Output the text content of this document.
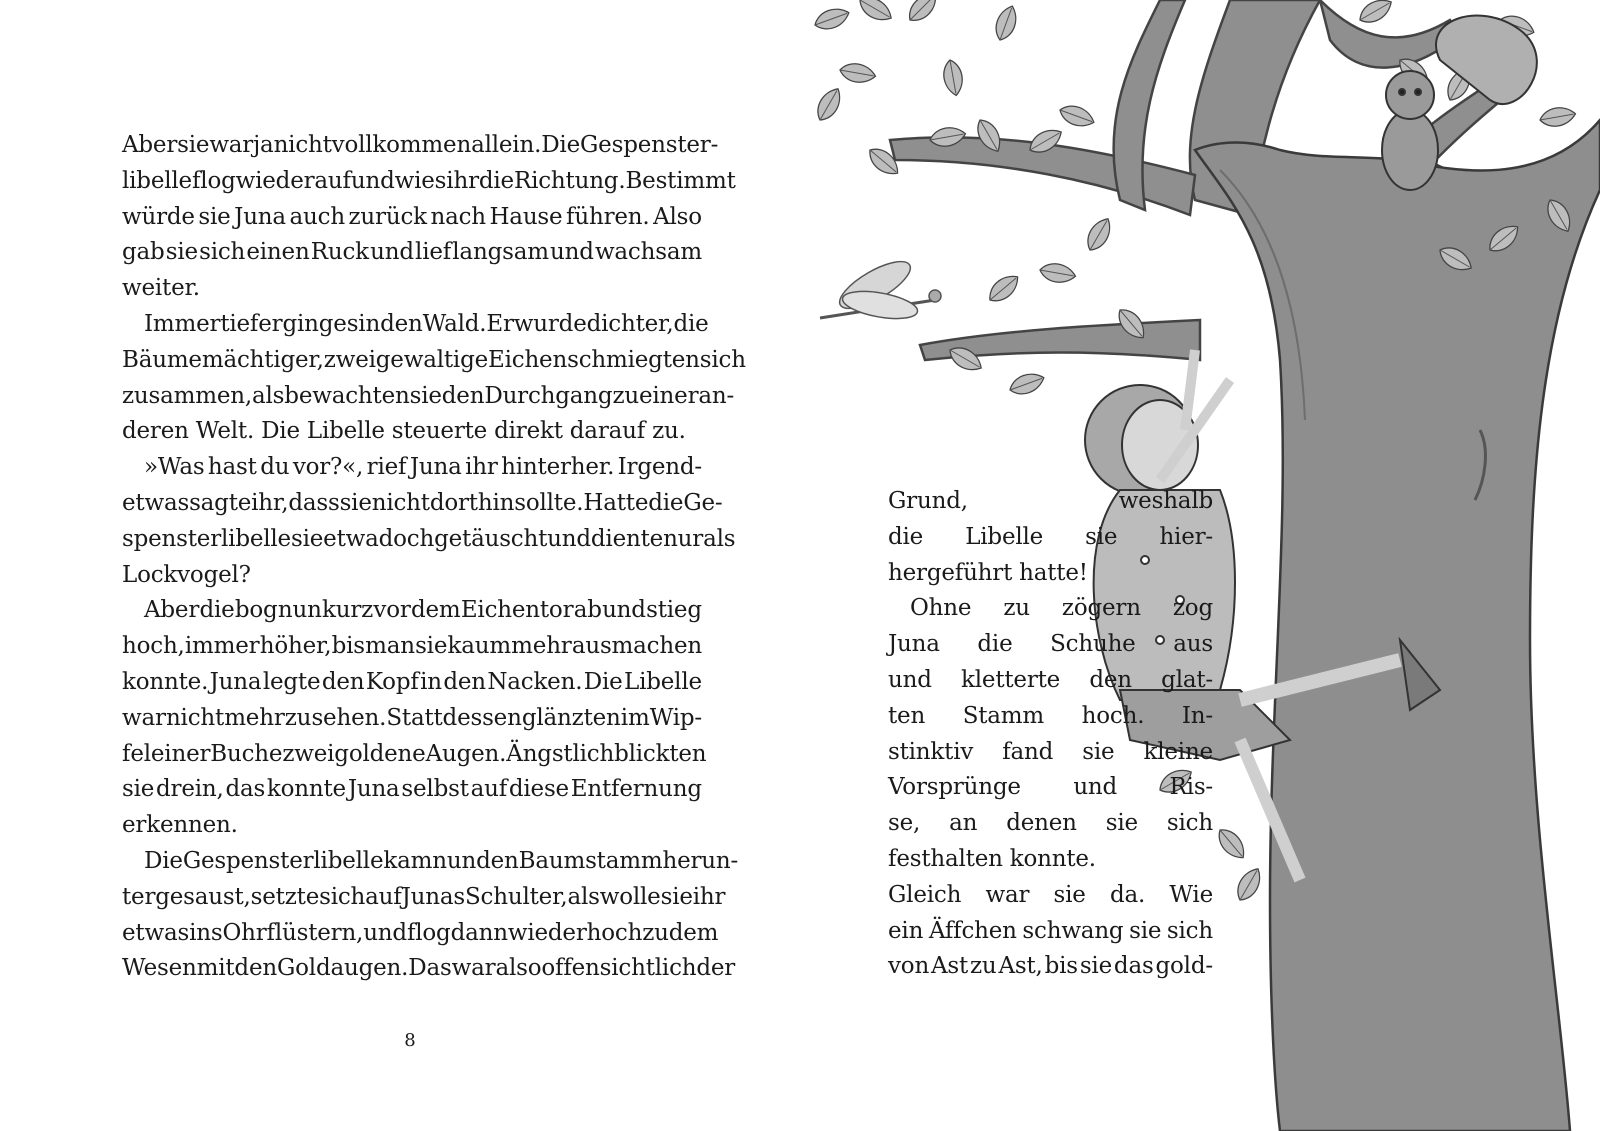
Aber sie war ja nicht vollkommen allein. Die Gespenster-
libelle flog wieder auf und wies ihr die Richtung. Bestimmt
würde sie Juna auch zurück nach Hause führen. Also
gab sie sich einen Ruck und lief langsam und wachsam
weiter.
Immer tiefer ging es in den Wald. Er wurde dichter, die
Bäume mächtiger, zwei gewaltige Eichen schmiegten sich
zusammen, als bewachten sie den Durchgang zu einer an-
deren Welt. Die Libelle steuerte direkt darauf zu.
»Was hast du vor?«, rief Juna ihr hinterher. Irgend-
etwas sagte ihr, dass sie nicht dorthin sollte. Hatte die Ge-
spensterlibelle sie etwa doch getäuscht und diente nur als
Lockvogel?
Aber die bog nun kurz vor dem Eichentor ab und stieg
hoch, immer höher, bis man sie kaum mehr ausmachen
konnte. Juna legte den Kopf in den Nacken. Die Libelle
war nicht mehr zu sehen. Stattdessen glänzten im Wip-
fel einer Buche zwei goldene Augen. Ängstlich blickten
sie drein, das konnte Juna selbst auf diese Entfernung
erkennen.
Die Gespensterlibelle kam nun den Baumstamm herun-
tergesaust, setzte sich auf Junas Schulter, als wolle sie ihr
etwas ins Ohr flüstern, und flog dann wieder hoch zu dem
Wesen mit den Goldaugen. Das war also offensichtlich der
8
Grund,	weshalb
die Libelle sie hier-
hergeführt hatte!
Ohne zu zögern zog
Juna die Schuhe aus
und kletterte den glat-
ten Stamm hoch. In-
stinktiv fand sie kleine
Vorsprünge und Ris-
se, an denen sie sich
festhalten konnte.
Gleich war sie da. Wie
ein Äffchen schwang sie sich
von Ast zu Ast, bis sie das gold-
